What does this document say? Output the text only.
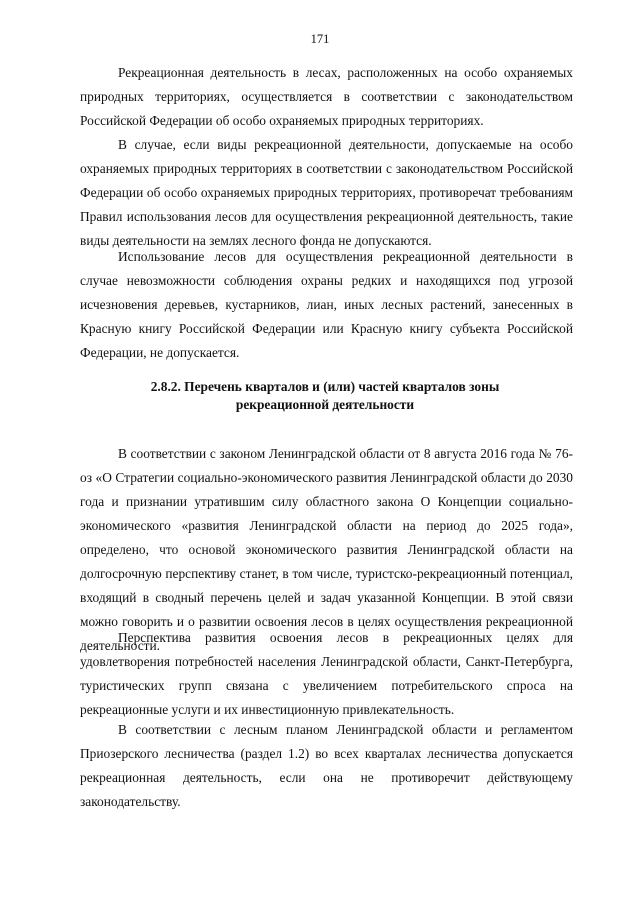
171

Рекреационная деятельность в лесах, расположенных на особо охраняемых природных территориях, осуществляется в соответствии с законодательством Российской Федерации об особо охраняемых природных территориях.

В случае, если виды рекреационной деятельности, допускаемые на особо охраняемых природных территориях в соответствии с законодательством Российской Федерации об особо охраняемых природных территориях, противоречат требованиям Правил использования лесов для осуществления рекреационной деятельность, такие виды деятельности на землях лесного фонда не допускаются.

Использование лесов для осуществления рекреационной деятельности в случае невозможности соблюдения охраны редких и находящихся под угрозой исчезновения деревьев, кустарников, лиан, иных лесных растений, занесенных в Красную книгу Российской Федерации или Красную книгу субъекта Российской Федерации, не допускается.

2.8.2. Перечень кварталов и (или) частей кварталов зоны
рекреационной деятельности

В соответствии с законом Ленинградской области от 8 августа 2016 года № 76-оз «О Стратегии социально-экономического развития Ленинградской области до 2030 года и признании утратившим силу областного закона О Концепции социально-экономического «развития Ленинградской области на период до 2025 года», определено, что основой экономического развития Ленинградской области на долгосрочную перспективу станет, в том числе, туристско-рекреационный потенциал, входящий в сводный перечень целей и задач указанной Концепции. В этой связи можно говорить и о развитии освоения лесов в целях осуществления рекреационной деятельности.

Перспектива развития освоения лесов в рекреационных целях для удовлетворения потребностей населения Ленинградской области, Санкт-Петербурга, туристических групп связана с увеличением потребительского спроса на рекреационные услуги и их инвестиционную привлекательность.

В соответствии с лесным планом Ленинградской области и регламентом Приозерского лесничества (раздел 1.2) во всех кварталах лесничества допускается рекреационная деятельность, если она не противоречит действующему законодательству.
